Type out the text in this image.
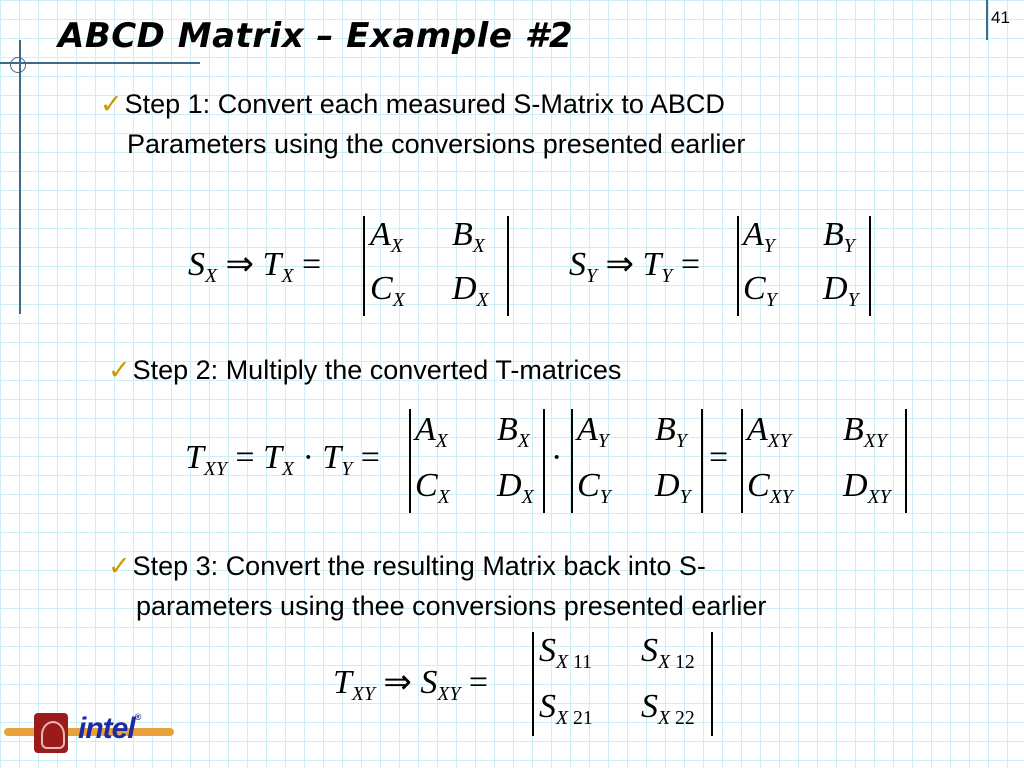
ABCD Matrix – Example #2	41
✓Step 1: Convert each measured S-Matrix to ABCD
Parameters using the conversions presented earlier
$S_X$ ⇒ $T_X$ =
$A_X$ $B_X$
$C_X$ $D_X$
$S_Y$ ⇒ $T_Y$ =
$A_Y$ $B_Y$
$C_Y$ $D_Y$
✓Step 2: Multiply the converted T-matrices
$T_{XY} = T_X \cdot T_Y$ =
$A_X$ $B_X$
$C_X$ $D_X$
·
$A_Y$ $B_Y$
$C_Y$ $D_Y$
=
$A_{XY}$ $B_{XY}$
$C_{XY}$ $D_{XY}$
✓Step 3: Convert the resulting Matrix back into S-
parameters using thee conversions presented earlier
$T_{XY}$ ⇒ $S_{XY}$ =
$S_{X 11}$ $S_{X 12}$
$S_{X 21}$ $S_{X 22}$
intel®
